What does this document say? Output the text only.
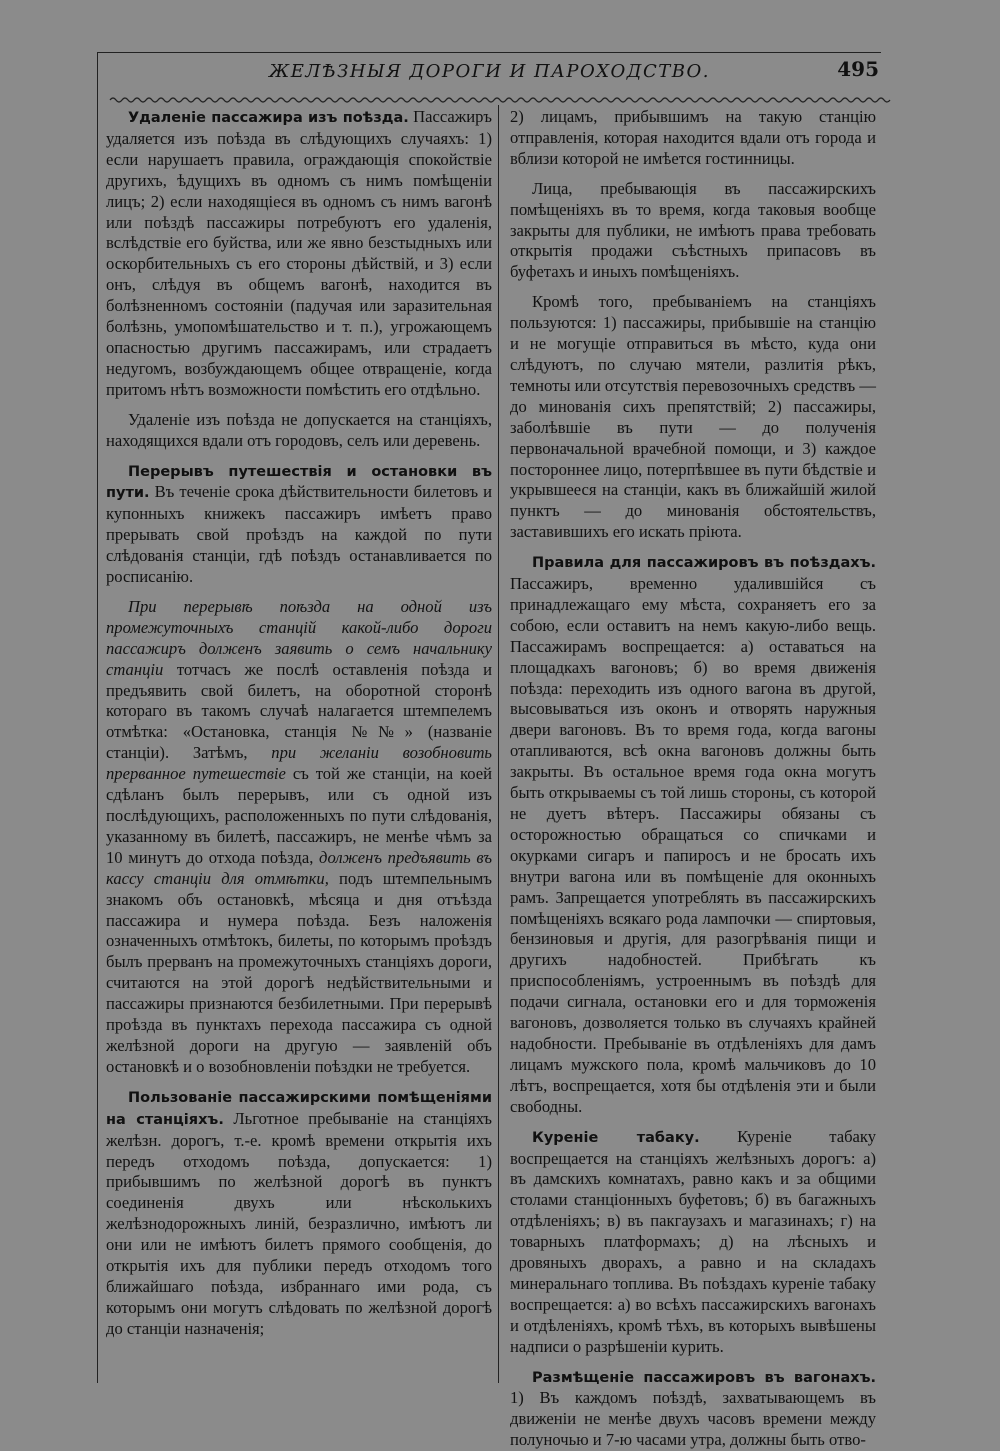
ЖЕЛѢЗНЫЯ ДОРОГИ И ПАРОХОДСТВО.	495

Удаленіе пассажира изъ поѣзда. Пассажиръ удаляется изъ поѣзда въ слѣдующихъ случаяхъ: 1) если нарушаетъ правила, ограждающія спокойствіе другихъ, ѣдущихъ въ одномъ съ нимъ помѣщеніи лицъ; 2) если находящіеся въ одномъ съ нимъ вагонѣ или поѣздѣ пассажиры потребуютъ его удаленія, вслѣдствіе его буйства, или же явно безстыдныхъ или оскорбительныхъ съ его стороны дѣйствій, и 3) если онъ, слѣдуя въ общемъ вагонѣ, находится въ болѣзненномъ состояніи (падучая или заразительная болѣзнь, умопомѣшательство и т. п.), угрожающемъ опасностью другимъ пассажирамъ, или страдаетъ недугомъ, возбуждающемъ общее отвращеніе, когда притомъ нѣтъ возможности помѣстить его отдѣльно.

Удаленіе изъ поѣзда не допускается на станціяхъ, находящихся вдали отъ городовъ, селъ или деревень.

Перерывъ путешествія и остановки въ пути. Въ теченіе срока дѣйствительности билетовъ и купонныхъ книжекъ пассажиръ имѣетъ право прерывать свой проѣздъ на каждой по пути слѣдованія станціи, гдѣ поѣздъ останавливается по росписанію.

При перерывѣ поѣзда на одной изъ промежуточныхъ станцій какой-либо дороги пассажиръ долженъ заявить о семъ начальнику станціи тотчасъ же послѣ оставленія поѣзда и предъявить свой билетъ, на оборотной сторонѣ котораго въ такомъ случаѣ налагается штемпелемъ отмѣтка: «Остановка, станція №№» (названіе станціи). Затѣмъ, при желаніи возобновить прерванное путешествіе съ той же станціи, на коей сдѣланъ былъ перерывъ, или съ одной изъ послѣдующихъ, расположенныхъ по пути слѣдованія, указанному въ билетѣ, пассажиръ, не менѣе чѣмъ за 10 минутъ до отхода поѣзда, долженъ предъявить въ кассу станціи для отмѣтки, подъ штемпельнымъ знакомъ объ остановкѣ, мѣсяца и дня отъѣзда пассажира и нумера поѣзда. Безъ наложенія означенныхъ отмѣтокъ, билеты, по которымъ проѣздъ былъ прерванъ на промежуточныхъ станціяхъ дороги, считаются на этой дорогѣ недѣйствительными и пассажиры признаются безбилетными. При перерывѣ проѣзда въ пунктахъ перехода пассажира съ одной желѣзной дороги на другую — заявленій объ остановкѣ и о возобновленіи поѣздки не требуется.

Пользованіе пассажирскими помѣщеніями на станціяхъ. Льготное пребываніе на станціяхъ желѣзн. дорогъ, т.-е. кромѣ времени открытія ихъ передъ отходомъ поѣзда, допускается: 1) прибывшимъ по желѣзной дорогѣ въ пунктъ соединенія двухъ или нѣсколькихъ желѣзнодорожныхъ линій, безразлично, имѣютъ ли они или не имѣютъ билетъ прямого сообщенія, до открытія ихъ для публики передъ отходомъ того ближайшаго поѣзда, избраннаго ими рода, съ которымъ они могутъ слѣдовать по желѣзной дорогѣ до станціи назначенія;

2) лицамъ, прибывшимъ на такую станцію отправленія, которая находится вдали отъ города и вблизи которой не имѣется гостинницы.

Лица, пребывающія въ пассажирскихъ помѣщеніяхъ въ то время, когда таковыя вообще закрыты для публики, не имѣютъ права требовать открытія продажи съѣстныхъ припасовъ въ буфетахъ и иныхъ помѣщеніяхъ.

Кромѣ того, пребываніемъ на станціяхъ пользуются: 1) пассажиры, прибывшіе на станцію и не могущіе отправиться въ мѣсто, куда они слѣдуютъ, по случаю мятели, разлитія рѣкъ, темноты или отсутствія перевозочныхъ средствъ — до минованія сихъ препятствій; 2) пассажиры, заболѣвшіе въ пути — до полученія первоначальной врачебной помощи, и 3) каждое постороннее лицо, потерпѣвшее въ пути бѣдствіе и укрывшееся на станціи, какъ въ ближайшій жилой пунктъ — до минованія обстоятельствъ, заставившихъ его искать пріюта.

Правила для пассажировъ въ поѣздахъ. Пассажиръ, временно удалившійся съ принадлежащаго ему мѣста, сохраняетъ его за собою, если оставитъ на немъ какую-либо вещь. Пассажирамъ воспрещается: а) оставаться на площадкахъ вагоновъ; б) во время движенія поѣзда: переходить изъ одного вагона въ другой, высовываться изъ оконъ и отворять наружныя двери вагоновъ. Въ то время года, когда вагоны отапливаются, всѣ окна вагоновъ должны быть закрыты. Въ остальное время года окна могутъ быть открываемы съ той лишь стороны, съ которой не дуетъ вѣтеръ. Пассажиры обязаны съ осторожностью обращаться со спичками и окурками сигаръ и папиросъ и не бросать ихъ внутри вагона или въ помѣщеніе для оконныхъ рамъ. Запрещается употреблять въ пассажирскихъ помѣщеніяхъ всякаго рода лампочки — спиртовыя, бензиновыя и другія, для разогрѣванія пищи и другихъ надобностей. Прибѣгать къ приспособленіямъ, устроеннымъ въ поѣздѣ для подачи сигнала, остановки его и для торможенія вагоновъ, дозволяется только въ случаяхъ крайней надобности. Пребываніе въ отдѣленіяхъ для дамъ лицамъ мужского пола, кромѣ мальчиковъ до 10 лѣтъ, воспрещается, хотя бы отдѣленія эти и были свободны.

Куреніе табаку. Куреніе табаку воспрещается на станціяхъ желѣзныхъ дорогъ: а) въ дамскихъ комнатахъ, равно какъ и за общими столами станціонныхъ буфетовъ; б) въ багажныхъ отдѣленіяхъ; в) въ пакгаузахъ и магазинахъ; г) на товарныхъ платформахъ; д) на лѣсныхъ и дровяныхъ дворахъ, а равно и на складахъ минеральнаго топлива. Въ поѣздахъ куреніе табаку воспрещается: а) во всѣхъ пассажирскихъ вагонахъ и отдѣленіяхъ, кромѣ тѣхъ, въ которыхъ вывѣшены надписи о разрѣшеніи курить.

Размѣщеніе пассажировъ въ вагонахъ. 1) Въ каждомъ поѣздѣ, захватывающемъ въ движеніи не менѣе двухъ часовъ времени между полуночью и 7-ю часами утра, должны быть отво-
